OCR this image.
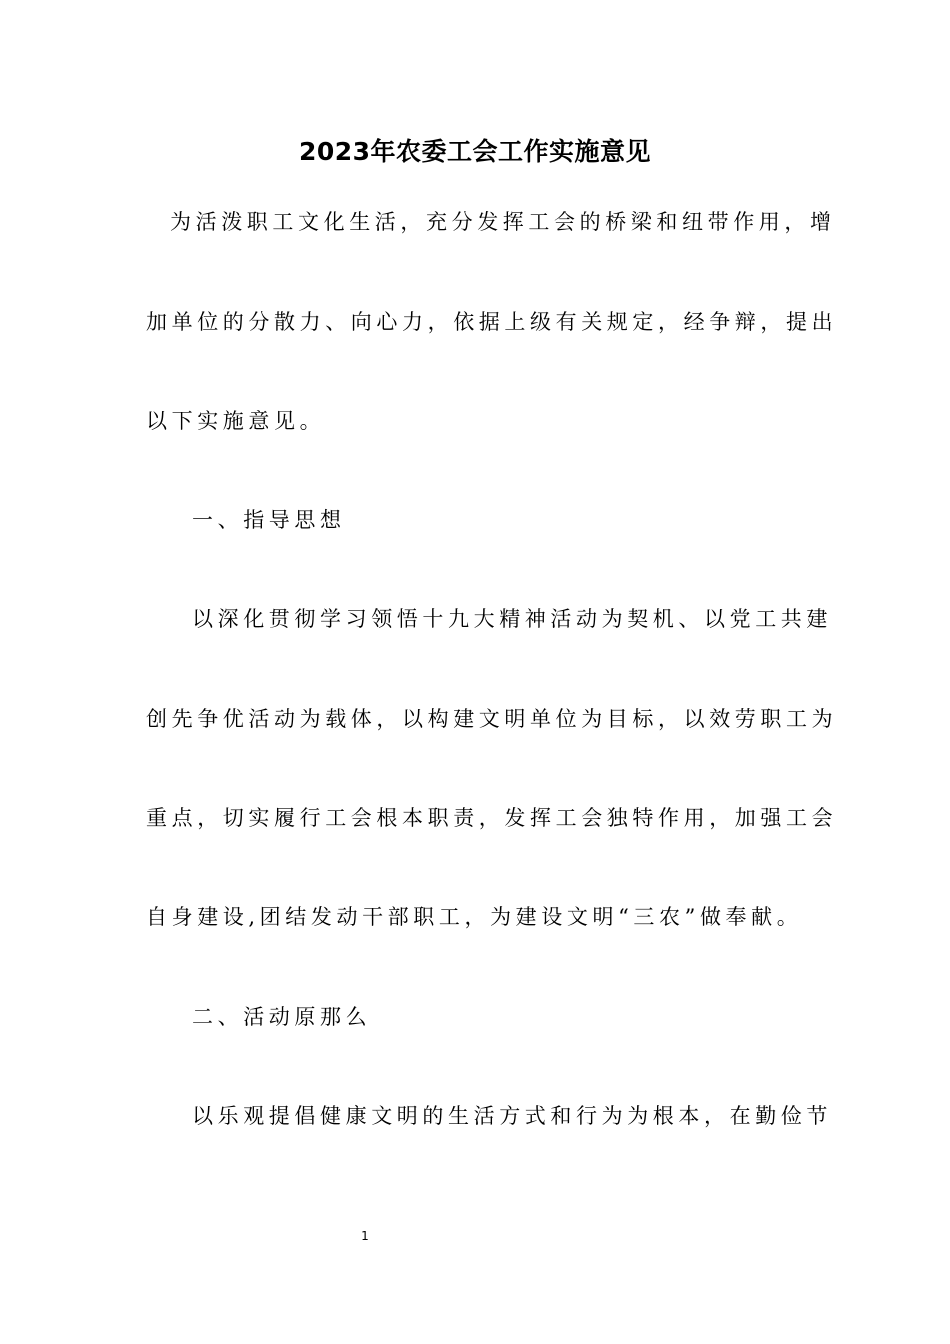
2023年农委工会工作实施意见
为活泼职工文化生活，充分发挥工会的桥梁和纽带作用，增
加单位的分散力、向心力，依据上级有关规定，经争辩，提出
以下实施意见。
一、指导思想
以深化贯彻学习领悟十九大精神活动为契机、以党工共建
创先争优活动为载体，以构建文明单位为目标，以效劳职工为
重点，切实履行工会根本职责，发挥工会独特作用，加强工会
自身建设,团结发动干部职工，为建设文明“三农”做奉献。
二、活动原那么
以乐观提倡健康文明的生活方式和行为为根本，在勤俭节
1
